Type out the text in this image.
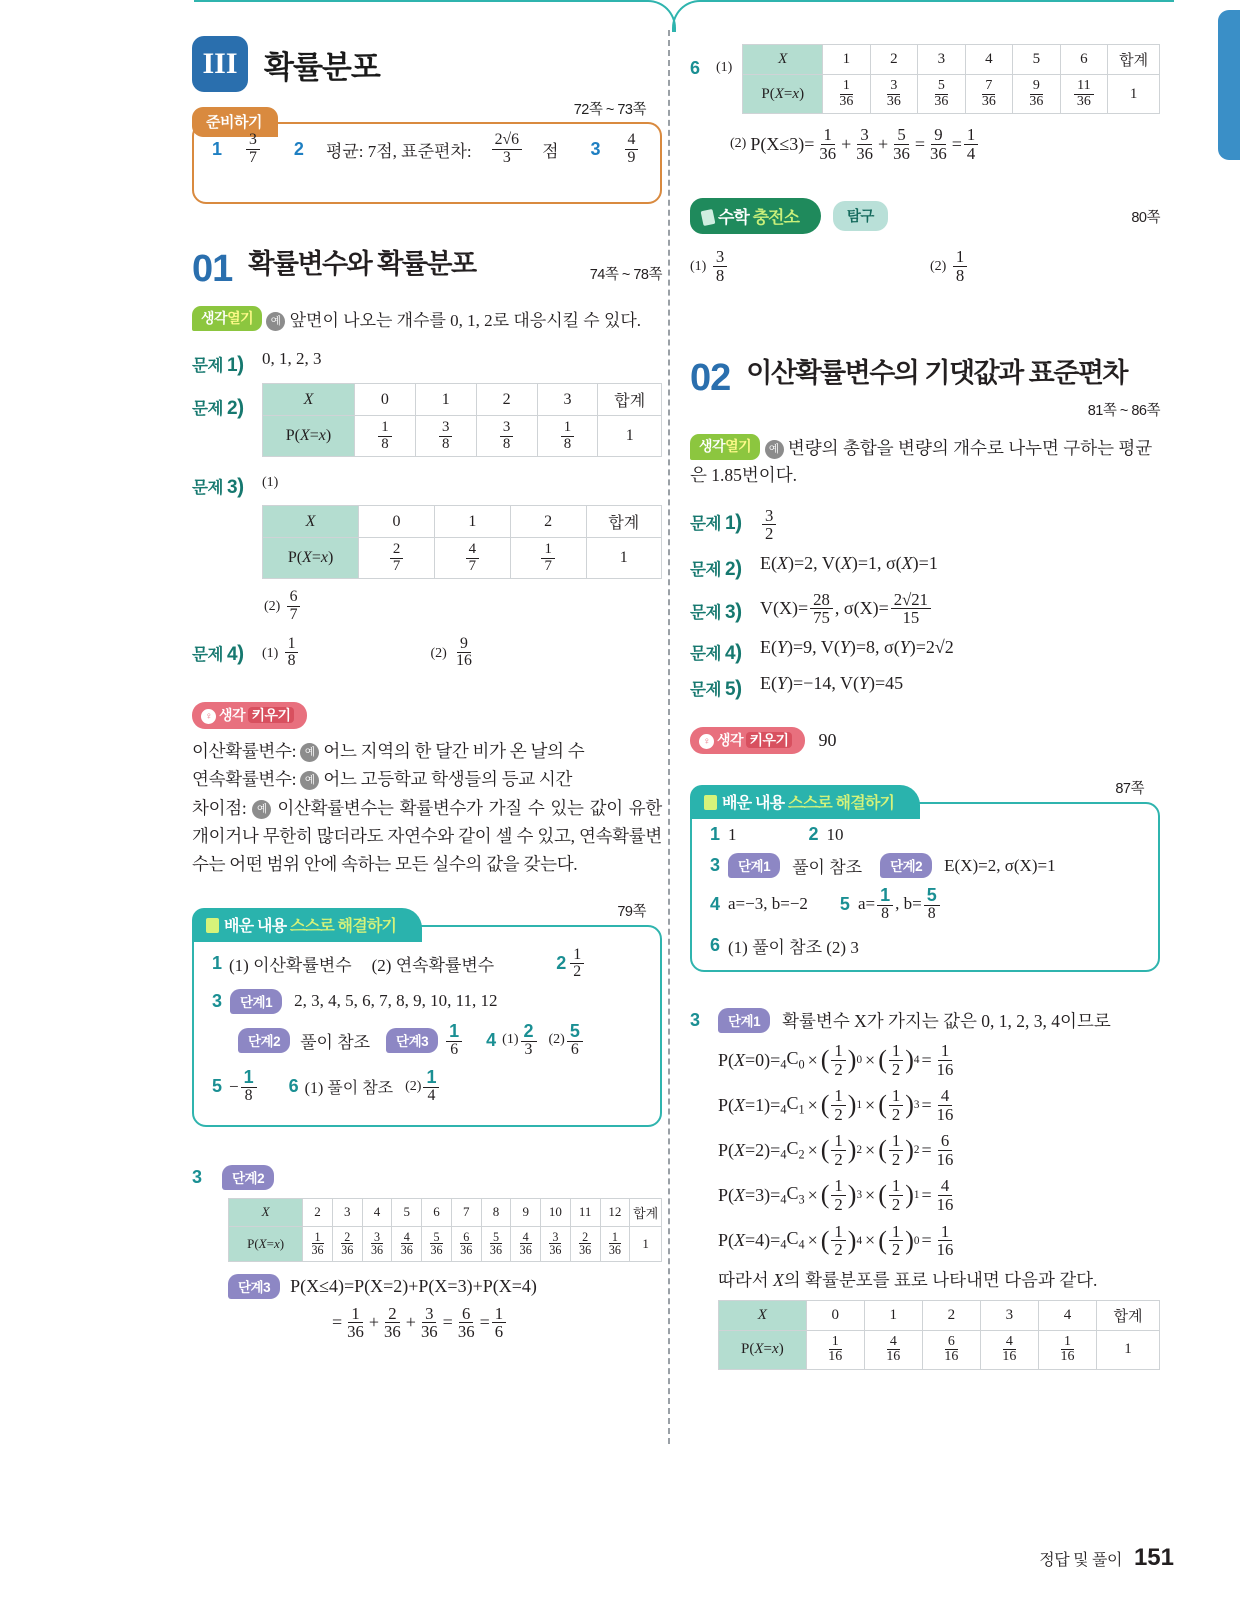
III 확률분포
준비하기
72쪽 ~ 73쪽
$1 \frac{3}{7} 2$ 평균: 7점, 표준편차: $\frac{2√6}{3}$ 점 $3 \frac{4}{9}$
01 확률변수와 확률분포	74쪽 ~ 78쪽
생각열기 예 앞면이 나오는 개수를 0, 1, 2로 대응시킬 수 있다.
문제 1)	0, 1, 2, 3
문제 2)	X	0	1	2	3	합계
P(X=x)	$\frac{1}{8}$	$\frac{3}{8}$	$\frac{3}{8}$	$\frac{1}{8}$	1
문제 3)	(1)
X	0	1	2	합계
P(X=x)	$\frac{2}{7}$	$\frac{4}{7}$	$\frac{1}{7}$	1
$(2) \frac{6}{7}$
문제 4)	$(1) \frac{1}{8}$	$(2) \frac{9}{16}$
♀ 생각 키우기
이산확률변수: 예 어느 지역의 한 달간 비가 온 날의 수
연속확률변수: 예 어느 고등학교 학생들의 등교 시간
차이점: 예 이산확률변수는 확률변수가 가질 수 있는 값이 유한개이거나 무한히 많더라도 자연수와 같이 셀 수 있고, 연속확률변수는 어떤 범위 안에 속하는 모든 실수의 값을 갖는다.
배운 내용 스스로 해결하기
79쪽
1 (1) 이산확률변수 (2) 연속확률변수	$2 \frac{1}{2}$
3	단계1	2, 3, 4, 5, 6, 7, 8, 9, 10, 11, 12
단계2	풀이 참조	단계3	$\frac{1}{6} 4$ $(1) \frac{2}{3} (2) \frac{5}{6}$
$5 - \frac{1}{8} 6$ (1) 풀이 참조 $(2) \frac{1}{4}$
3	단계2
X	2	3	4	5	6	7	8	9	10	11	12	합계
P(X=x)	$\frac{1}{36}$	$\frac{2}{36}$	$\frac{3}{36}$	$\frac{4}{36}$	$\frac{5}{36}$	$\frac{6}{36}$	$\frac{5}{36}$	$\frac{4}{36}$	$\frac{3}{36}$	$\frac{2}{36}$	$\frac{1}{36}$	1
단계3	P(X≤4)=P(X=2)+P(X=3)+P(X=4)
= $\frac{1}{36} + \frac{2}{36} + \frac{3}{36} = \frac{6}{36} = \frac{1}{6}$
6 (1)
X	1	2	3	4	5	6	합계
P(X=x)	$\frac{1}{36}$	$\frac{3}{36}$	$\frac{5}{36}$	$\frac{7}{36}$	$\frac{9}{36}$	$\frac{11}{36}$	1
(2) $P(X\le 3)= \frac{1}{36} + \frac{3}{36} + \frac{5}{36} = \frac{9}{36} = \frac{1}{4}$
수학 충전소	탐구	80쪽
$(1) \frac{3}{8}$	$(2) \frac{1}{8}$
02 이산확률변수의 기댓값과 표준편차
81쪽 ~ 86쪽
생각열기 예 변량의 총합을 변량의 개수로 나누면 구하는 평균은 1.85번이다.
문제 1)	$\frac{3}{2}$
문제 2)	E(X)=2, V(X)=1, σ(X)=1
문제 3)	$V(X)= \frac{28}{75}$ , $\sigma(X)= \frac{2√21}{15}$
문제 4)	E(Y)=9, V(Y)=8, σ(Y)=2√2
문제 5)	E(Y)=−14, V(Y)=45
♀ 생각 키우기	90
배운 내용 스스로 해결하기
87쪽
1 1	2 10
3	단계1	풀이 참조	단계2	E(X)=2, σ(X)=1
4 a=−3, b=−2 5 $a= \frac{1}{8}$ , $b= \frac{5}{8}$
6 (1) 풀이 참조 (2) 3
3	단계1	확률변수 X가 가지는 값은 0, 1, 2, 3, 4이므로
$P(X=0)= _4C_0$ × ( $\frac{1}{2}$ ) 0 × ( $\frac{1}{2}$ ) $4 = \frac{1}{16}$
$P(X=1)= _4C_1$ × ( $\frac{1}{2}$ ) 1 × ( $\frac{1}{2}$ ) $3 = \frac{4}{16}$
$P(X=2)= _4C_2$ × ( $\frac{1}{2}$ ) 2 × ( $\frac{1}{2}$ ) $2 = \frac{6}{16}$
$P(X=3)= _4C_3$ × ( $\frac{1}{2}$ ) 3 × ( $\frac{1}{2}$ ) $1 = \frac{4}{16}$
$P(X=4)= _4C_4$ × ( $\frac{1}{2}$ ) 4 × ( $\frac{1}{2}$ ) $0 = \frac{1}{16}$
따라서 X의 확률분포를 표로 나타내면 다음과 같다.
X	0	1	2	3	4	합계
P(X=x)	$\frac{1}{16}$	$\frac{4}{16}$	$\frac{6}{16}$	$\frac{4}{16}$	$\frac{1}{16}$	1
정답 및 풀이 151
